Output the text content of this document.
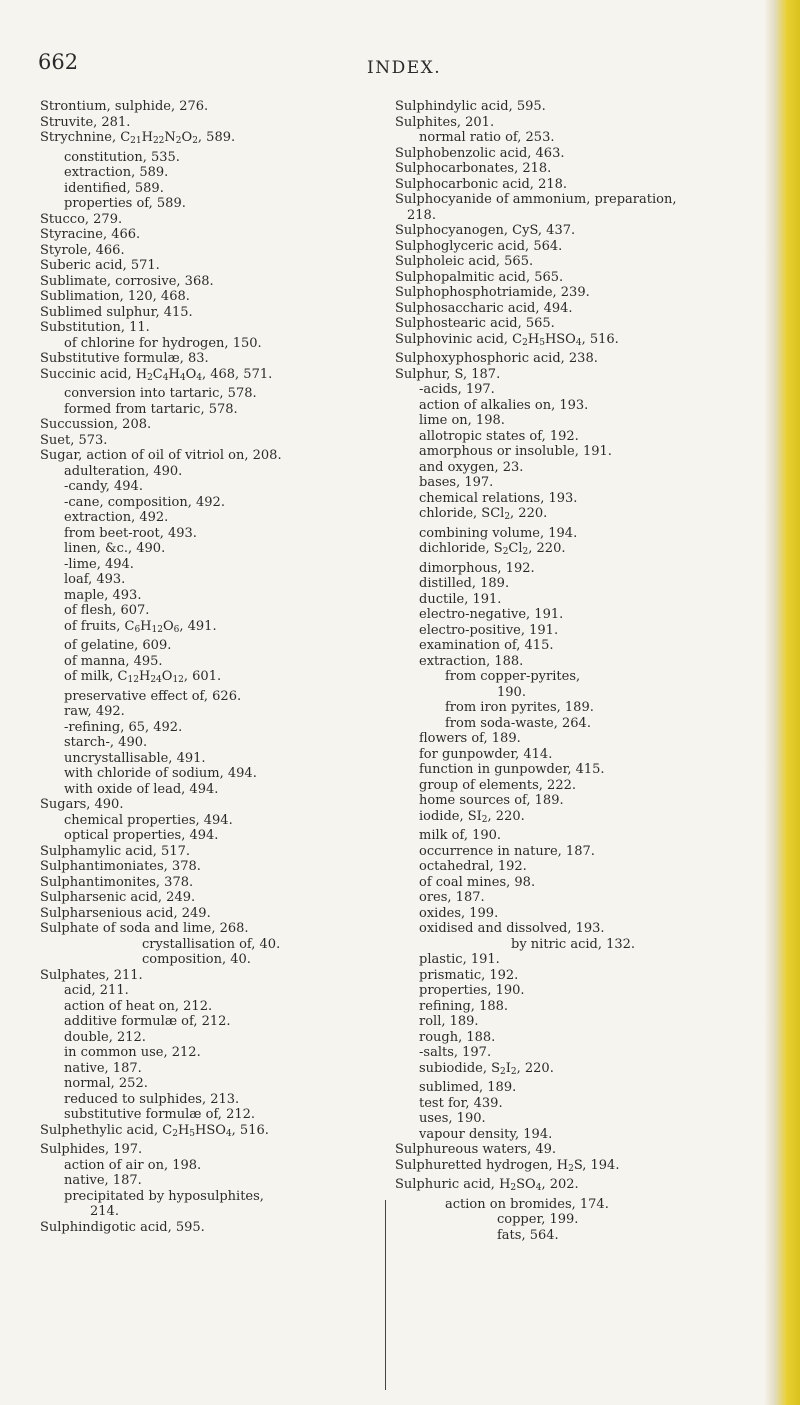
662	INDEX.
Strontium, sulphide, 276.
Struvite, 281.
Strychnine, $C_{21}H_{22}N_2O_2$, 589.
constitution, 535.
extraction, 589.
identified, 589.
properties of, 589.
Stucco, 279.
Styracine, 466.
Styrole, 466.
Suberic acid, 571.
Sublimate, corrosive, 368.
Sublimation, 120, 468.
Sublimed sulphur, 415.
Substitution, 11.
of chlorine for hydrogen, 150.
Substitutive formulæ, 83.
Succinic acid, $H_2C_4H_4O_4$, 468, 571.
conversion into tartaric, 578.
formed from tartaric, 578.
Succussion, 208.
Suet, 573.
Sugar, action of oil of vitriol on, 208.
adulteration, 490.
-candy, 494.
-cane, composition, 492.
extraction, 492.
from beet-root, 493.
linen, &c., 490.
-lime, 494.
loaf, 493.
maple, 493.
of flesh, 607.
of fruits, $C_6H_{12}O_6$, 491.
of gelatine, 609.
of manna, 495.
of milk, $C_{12}H_{24}O_{12}$, 601.
preservative effect of, 626.
raw, 492.
-refining, 65, 492.
starch-, 490.
uncrystallisable, 491.
with chloride of sodium, 494.
with oxide of lead, 494.
Sugars, 490.
chemical properties, 494.
optical properties, 494.
Sulphamylic acid, 517.
Sulphantimoniates, 378.
Sulphantimonites, 378.
Sulpharsenic acid, 249.
Sulpharsenious acid, 249.
Sulphate of soda and lime, 268.
crystallisation of, 40.
composition, 40.
Sulphates, 211.
acid, 211.
action of heat on, 212.
additive formulæ of, 212.
double, 212.
in common use, 212.
native, 187.
normal, 252.
reduced to sulphides, 213.
substitutive formulæ of, 212.
Sulphethylic acid, $C_2H_5HSO_4$, 516.
Sulphides, 197.
action of air on, 198.
native, 187.
precipitated by hyposulphites,
214.
Sulphindigotic acid, 595.
Sulphindylic acid, 595.
Sulphites, 201.
normal ratio of, 253.
Sulphobenzolic acid, 463.
Sulphocarbonates, 218.
Sulphocarbonic acid, 218.
Sulphocyanide of ammonium, preparation,
218.
Sulphocyanogen, CyS, 437.
Sulphoglyceric acid, 564.
Sulpholeic acid, 565.
Sulphopalmitic acid, 565.
Sulphophosphotriamide, 239.
Sulphosaccharic acid, 494.
Sulphostearic acid, 565.
Sulphovinic acid, $C_2H_5HSO_4$, 516.
Sulphoxyphosphoric acid, 238.
Sulphur, S, 187.
-acids, 197.
action of alkalies on, 193.
lime on, 198.
allotropic states of, 192.
amorphous or insoluble, 191.
and oxygen, 23.
bases, 197.
chemical relations, 193.
chloride, SCl$_2$, 220.
combining volume, 194.
dichloride, $S_2Cl_2$, 220.
dimorphous, 192.
distilled, 189.
ductile, 191.
electro-negative, 191.
electro-positive, 191.
examination of, 415.
extraction, 188.
from copper-pyrites,
190.
from iron pyrites, 189.
from soda-waste, 264.
flowers of, 189.
for gunpowder, 414.
function in gunpowder, 415.
group of elements, 222.
home sources of, 189.
iodide, $SI_2$, 220.
milk of, 190.
occurrence in nature, 187.
octahedral, 192.
of coal mines, 98.
ores, 187.
oxides, 199.
oxidised and dissolved, 193.
by nitric acid, 132.
plastic, 191.
prismatic, 192.
properties, 190.
refining, 188.
roll, 189.
rough, 188.
-salts, 197.
subiodide, $S_2I_2$, 220.
sublimed, 189.
test for, 439.
uses, 190.
vapour density, 194.
Sulphureous waters, 49.
Sulphuretted hydrogen, $H_2S$, 194.
Sulphuric acid, $H_2SO_4$, 202.
action on bromides, 174.
copper, 199.
fats, 564.
